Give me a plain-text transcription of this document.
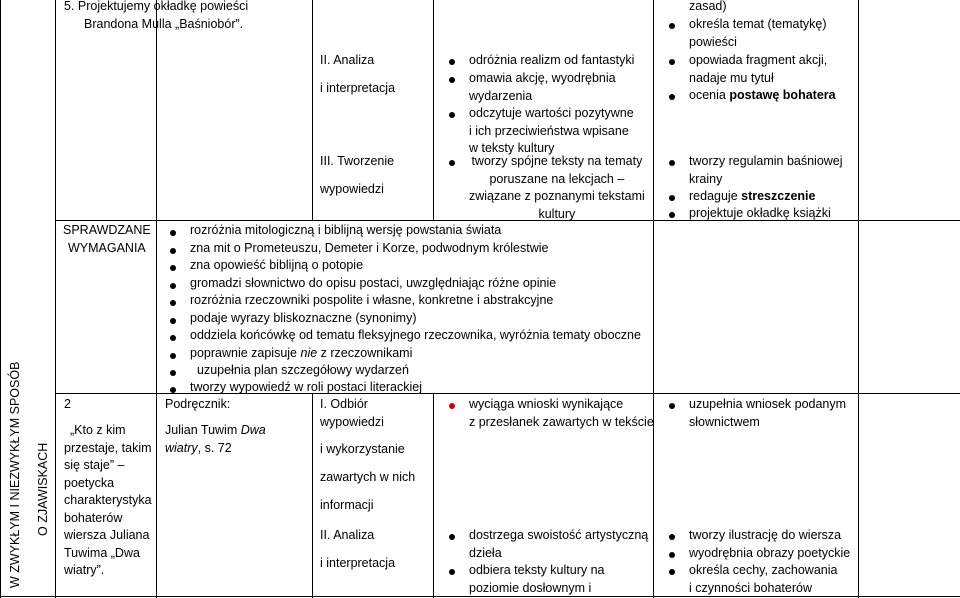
W ZWYKŁYM I NIEZWYKŁYM SPOSÓB O ZJAWISKACH
5. Projektujemy okładkę powieści
Brandona Mulla „Baśniobór”.
II. Analiza
i interpretacja
odróżnia realizm od fantastyki
omawia akcję, wyodrębnia
wydarzenia
odczytuje wartości pozytywne
i ich przeciwieństwa wpisane
w teksty kultury
III. Tworzenie
wypowiedzi
tworzy spójne teksty na tematy
poruszane na lekcjach –
związane z poznanymi tekstami
kultury
zasad)
określa temat (tematykę)
powieści
opowiada fragment akcji,
nadaje mu tytuł
ocenia postawę bohatera
tworzy regulamin baśniowej
krainy
redaguje streszczenie
projektuje okładkę książki
SPRAWDZANE
WYMAGANIA
rozróżnia mitologiczną i biblijną wersję powstania świata
zna mit o Prometeuszu, Demeter i Korze, podwodnym królestwie
zna opowieść biblijną o potopie
gromadzi słownictwo do opisu postaci, uwzględniając różne opinie
rozróżnia rzeczowniki pospolite i własne, konkretne i abstrakcyjne
podaje wyrazy bliskoznaczne (synonimy)
oddziela końcówkę od tematu fleksyjnego rzeczownika, wyróżnia tematy oboczne
poprawnie zapisuje nie z rzeczownikami
uzupełnia plan szczegółowy wydarzeń
tworzy wypowiedź w roli postaci literackiej
2
„Kto z kim
przestaje, takim
się staje” –
poetycka
charakterystyka
bohaterów
wiersza Juliana
Tuwima „Dwa
wiatry”.
Podręcznik:
Julian Tuwim Dwa
wiatry, s. 72
I. Odbiór
wypowiedzi
i wykorzystanie
zawartych w nich
informacji
wyciąga wnioski wynikające
z przesłanek zawartych w tekście
II. Analiza
i interpretacja
dostrzega swoistość artystyczną
dzieła
odbiera teksty kultury na
poziomie dosłownym i
uzupełnia wniosek podanym
słownictwem
tworzy ilustrację do wiersza
wyodrębnia obrazy poetyckie
określa cechy, zachowania
i czynności bohaterów
